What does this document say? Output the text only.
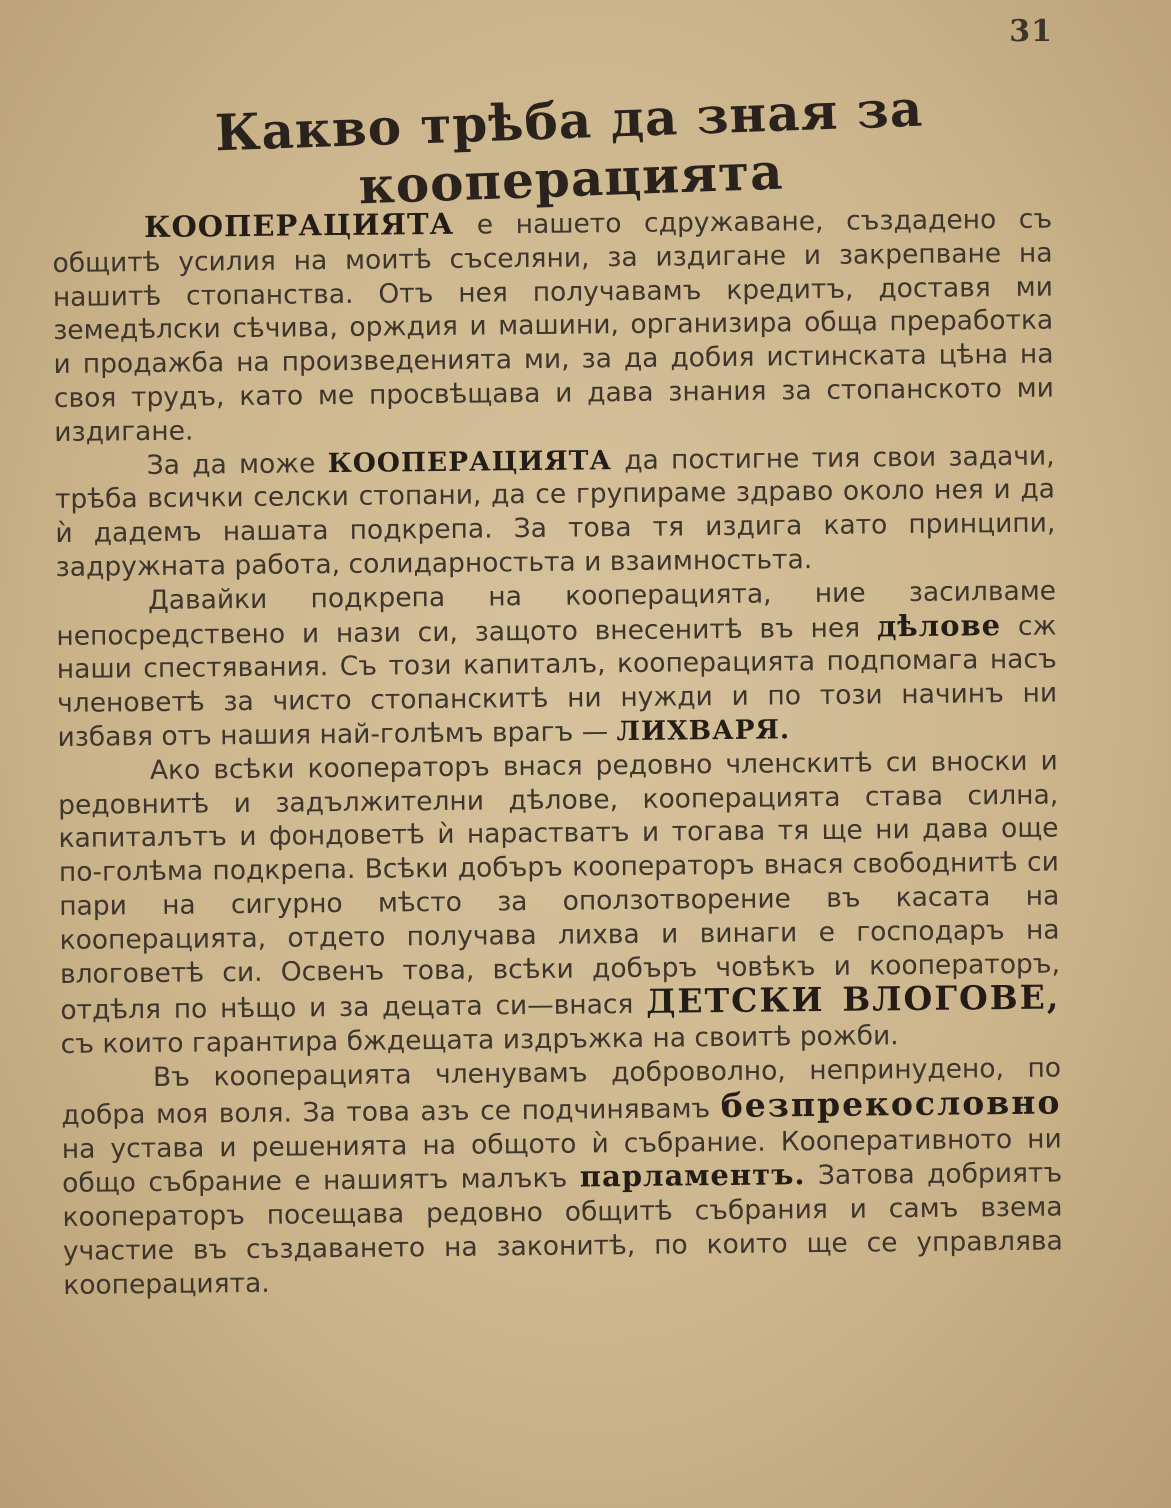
31
Какво трѣба да зная за
кооперацията

КООПЕРАЦИЯТА е нашето сдружаване, създадено съ общитѣ усилия на моитѣ съселяни, за издигане и закрепване на нашитѣ стопанства. Отъ нея получавамъ кредитъ, доставя ми земедѣлски сѣчива, орждия и машини, организира обща преработка и продажба на произведенията ми, за да добия истинската цѣна на своя трудъ, като ме просвѣщава и дава знания за стопанското ми издигане.

За да може КООПЕРАЦИЯТА да постигне тия свои задачи, трѣба всички селски стопани, да се групираме здраво около нея и да ѝ дадемъ нашата подкрепа. За това тя издига като принципи, задружната работа, солидарностьта и взаимностьта.

Давайки подкрепа на кооперацията, ние засилваме непосредствено и нази си, защото внесенитѣ въ нея дѣлове сж наши спестявания. Съ този капиталъ, кооперацията подпомага насъ членоветѣ за чисто стопанскитѣ ни нужди и по този начинъ ни избавя отъ нашия най-голѣмъ врагъ — ЛИХВАРЯ.

Ако всѣки кооператоръ внася редовно членскитѣ си вноски и редовнитѣ и задължителни дѣлове, кооперацията става силна, капиталътъ и фондоветѣ ѝ нарастватъ и тогава тя ще ни дава още по-голѣма подкрепа. Всѣки добъръ кооператоръ внася свободнитѣ си пари на сигурно мѣсто за оползотворение въ касата на кооперацията, отдето получава лихва и винаги е господаръ на влоговетѣ си. Освенъ това, всѣки добъръ човѣкъ и кооператоръ, отдѣля по нѣщо и за децата си—внася ДЕТСКИ ВЛОГОВЕ, съ които гарантира бждещата издръжка на своитѣ рожби.

Въ кооперацията членувамъ доброволно, непринудено, по добра моя воля. За това азъ се подчинявамъ безпрекословно на устава и решенията на общото ѝ събрание. Кооперативното ни общо събрание е нашиятъ малъкъ парламентъ. Затова добриятъ кооператоръ посещава редовно общитѣ събрания и самъ взема участие въ създаването на законитѣ, по които ще се управлява кооперацията.
